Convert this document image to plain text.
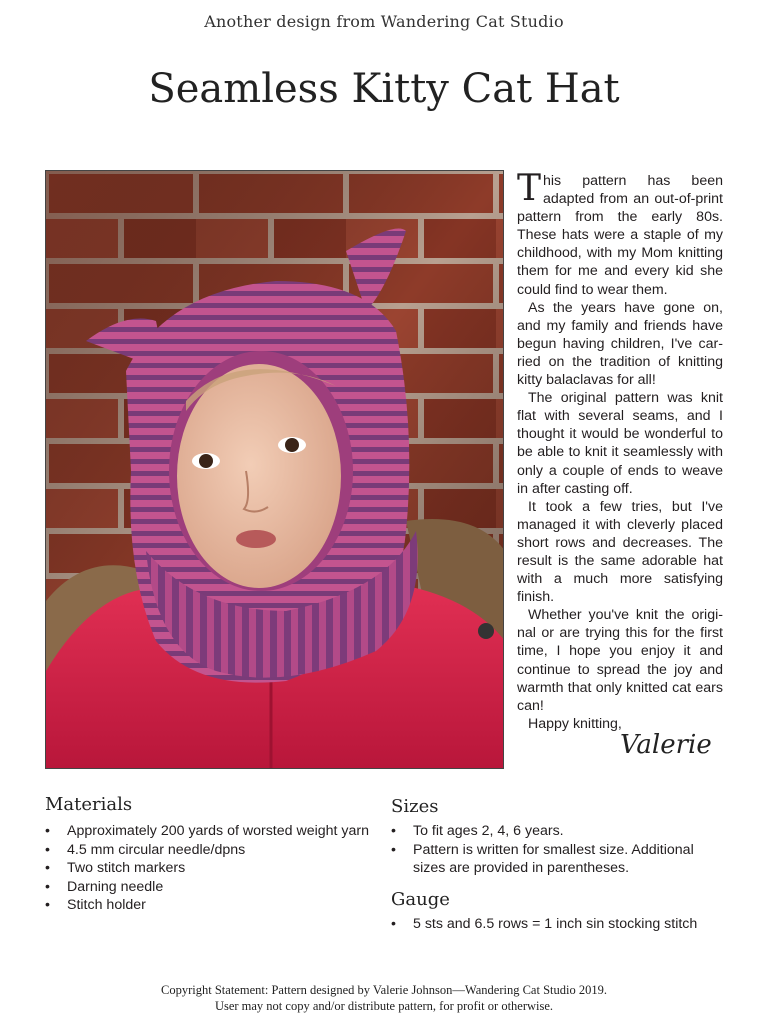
Another design from Wandering Cat Studio
Seamless Kitty Cat Hat

This pattern has been adapted from an out-of-print pattern from the early 80s. These hats were a staple of my childhood, with my Mom knitting them for me and every kid she could find to wear them.

As the years have gone on, and my family and friends have begun having children, I've carried on the tradition of knitting kitty balaclavas for all!

The original pattern was knit flat with several seams, and I thought it would be wonderful to be able to knit it seamlessly with only a couple of ends to weave in after casting off.

It took a few tries, but I've managed it with cleverly placed short rows and decreases. The result is the same adorable hat with a much more satisfying finish.

Whether you've knit the original or are trying this for the first time, I hope you enjoy it and continue to spread the joy and warmth that only knitted cat ears can!

Happy knitting,

Valerie
Materials
• Approximately 200 yards of worsted weight yarn
• 4.5 mm circular needle/dpns
• Two stitch markers
• Darning needle
• Stitch holder
Sizes
• To fit ages 2, 4, 6 years.
• Pattern is written for smallest size. Additional sizes are provided in parentheses.
Gauge
• 5 sts and 6.5 rows = 1 inch sin stocking stitch
Copyright Statement: Pattern designed by Valerie Johnson—Wandering Cat Studio 2019.
User may not copy and/or distribute pattern, for profit or otherwise.
